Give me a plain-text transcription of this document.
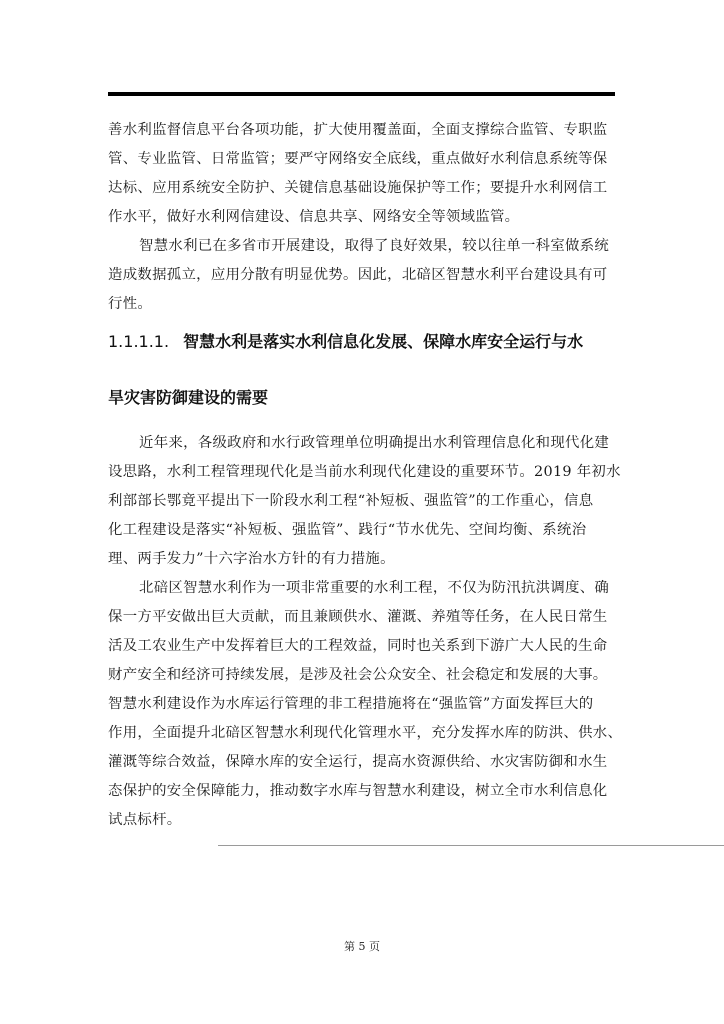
善水利监督信息平台各项功能，扩大使用覆盖面，全面支撑综合监管、专职监
管、专业监管、日常监管；要严守网络安全底线，重点做好水利信息系统等保
达标、应用系统安全防护、关键信息基础设施保护等工作；要提升水利网信工
作水平，做好水利网信建设、信息共享、网络安全等领域监管。
智慧水利已在多省市开展建设，取得了良好效果，较以往单一科室做系统
造成数据孤立，应用分散有明显优势。因此，北碚区智慧水利平台建设具有可
行性。
1.1.1.1. 智慧水利是落实水利信息化发展、保障水库安全运行与水
旱灾害防御建设的需要
近年来，各级政府和水行政管理单位明确提出水利管理信息化和现代化建
设思路，水利工程管理现代化是当前水利现代化建设的重要环节。2019 年初水
利部部长鄂竟平提出下一阶段水利工程“补短板、强监管”的工作重心，信息
化工程建设是落实“补短板、强监管”、践行“节水优先、空间均衡、系统治
理、两手发力”十六字治水方针的有力措施。
北碚区智慧水利作为一项非常重要的水利工程，不仅为防汛抗洪调度、确
保一方平安做出巨大贡献，而且兼顾供水、灌溉、养殖等任务，在人民日常生
活及工农业生产中发挥着巨大的工程效益，同时也关系到下游广大人民的生命
财产安全和经济可持续发展，是涉及社会公众安全、社会稳定和发展的大事。
智慧水利建设作为水库运行管理的非工程措施将在“强监管”方面发挥巨大的
作用，全面提升北碚区智慧水利现代化管理水平，充分发挥水库的防洪、供水、
灌溉等综合效益，保障水库的安全运行，提高水资源供给、水灾害防御和水生
态保护的安全保障能力，推动数字水库与智慧水利建设，树立全市水利信息化
试点标杆。
第 5 页
